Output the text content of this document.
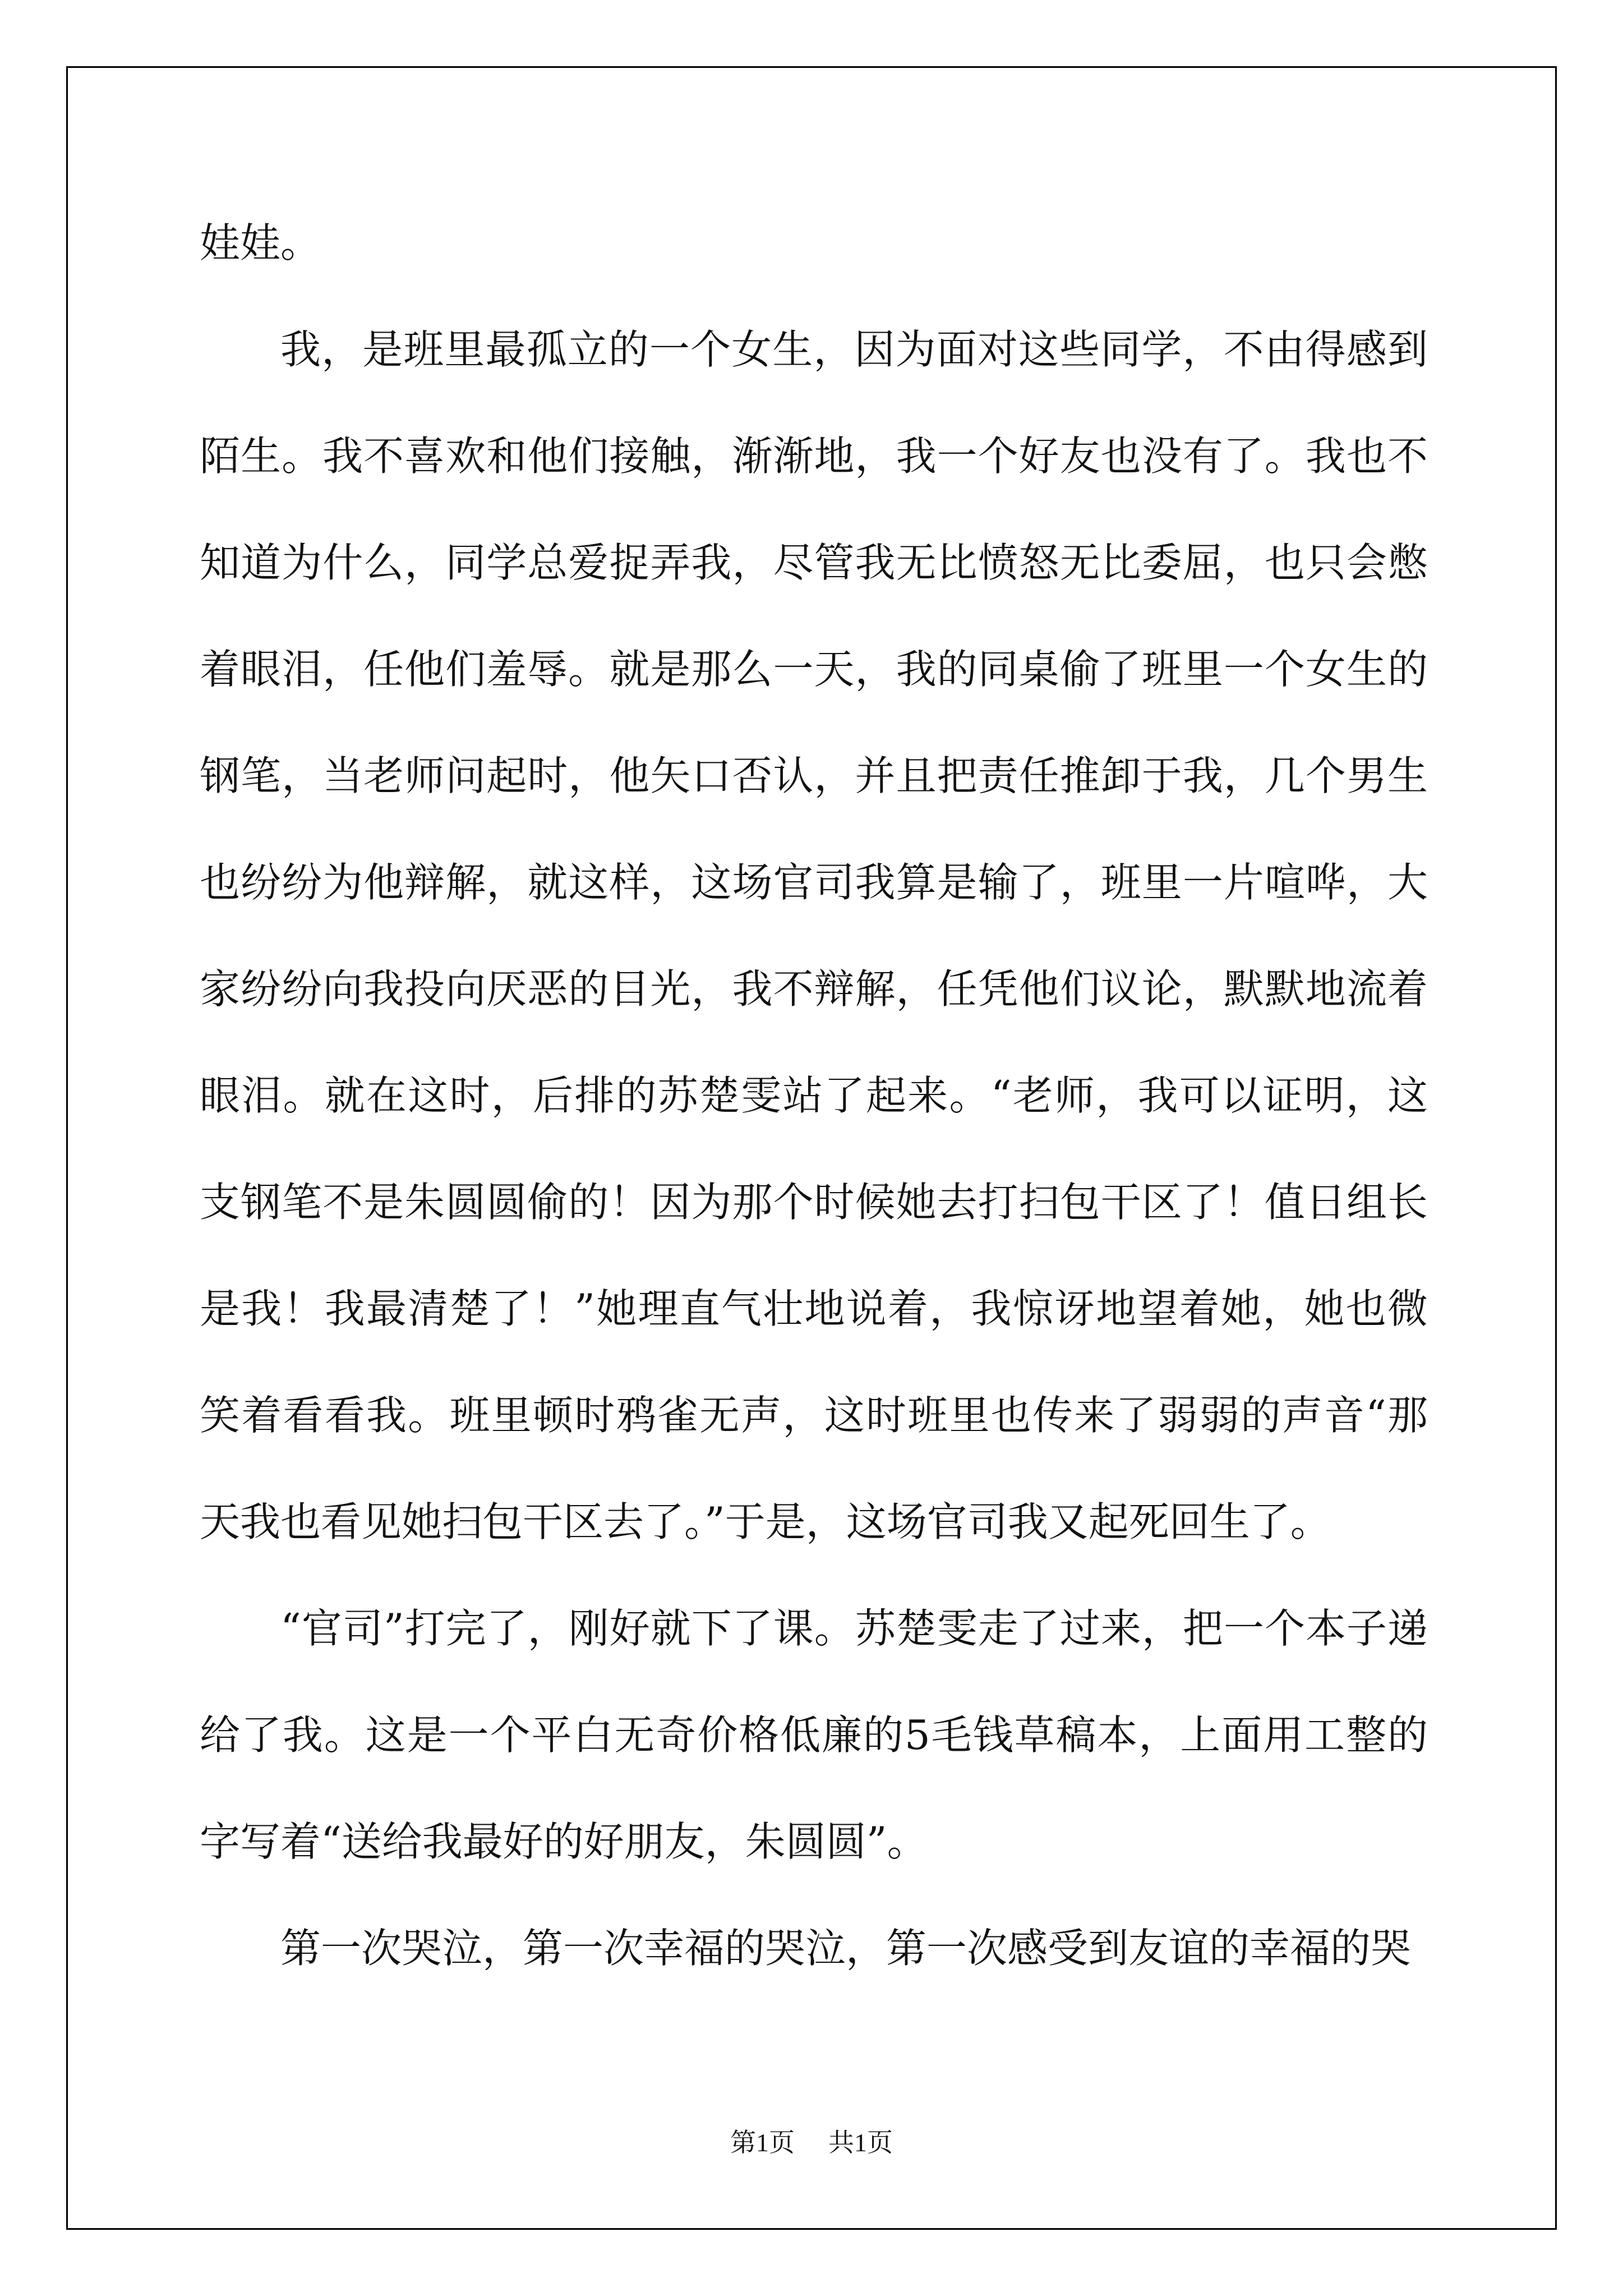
娃娃。

我，是班里最孤立的一个女生，因为面对这些同学，不由得感到陌生。我不喜欢和他们接触，渐渐地，我一个好友也没有了。我也不知道为什么，同学总爱捉弄我，尽管我无比愤怒无比委屈，也只会憋着眼泪，任他们羞辱。就是那么一天，我的同桌偷了班里一个女生的钢笔，当老师问起时，他矢口否认，并且把责任推卸于我，几个男生也纷纷为他辩解，就这样，这场官司我算是输了，班里一片喧哗，大家纷纷向我投向厌恶的目光，我不辩解，任凭他们议论，默默地流着眼泪。就在这时，后排的苏楚雯站了起来。“老师，我可以证明，这支钢笔不是朱圆圆偷的！因为那个时候她去打扫包干区了！值日组长是我！我最清楚了！”她理直气壮地说着，我惊讶地望着她，她也微笑着看看我。班里顿时鸦雀无声，这时班里也传来了弱弱的声音“那天我也看见她扫包干区去了。”于是，这场官司我又起死回生了。

“官司”打完了，刚好就下了课。苏楚雯走了过来，把一个本子递给了我。这是一个平白无奇价格低廉的5毛钱草稿本，上面用工整的字写着“送给我最好的好朋友，朱圆圆”。

第一次哭泣，第一次幸福的哭泣，第一次感受到友谊的幸福的哭

第1页 共1页
